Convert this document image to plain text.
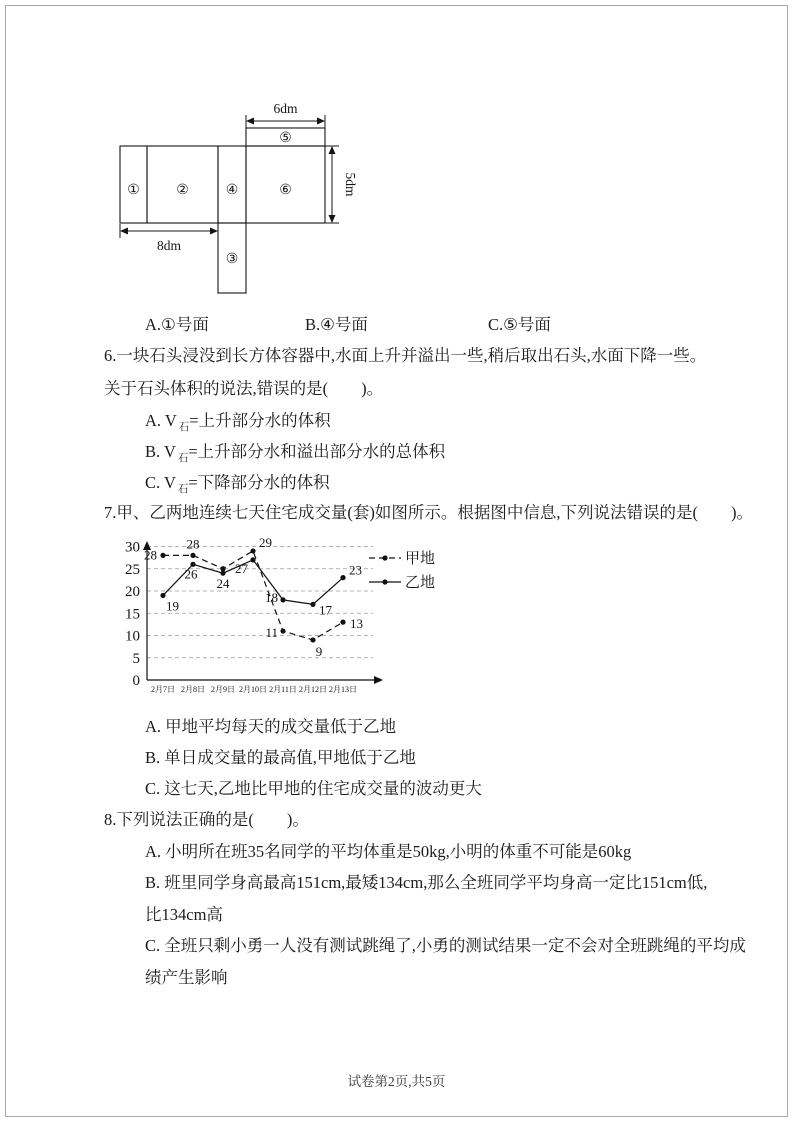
6dm
5dm
8dm
①	②	④	⑥
⑤
③
A.①号面	B.④号面	C.⑤号面
6.一块石头浸没到长方体容器中,水面上升并溢出一些,稍后取出石头,水面下降一些。
关于石头体积的说法,错误的是(　　)。
A. V $_石$=上升部分水的体积
B. V $_石$=上升部分水和溢出部分水的总体积
C. V $_石$=下降部分水的体积
7.甲、乙两地连续七天住宅成交量(套)如图所示。根据图中信息,下列说法错误的是(　　)。
0
5
10
15
20
25
30
2月7日 2月8日 2月9日 2月10日 2月11日 2月12日 2月13日
28
28	29
11
9
13
甲地
19
26
24
27
18
17
23
乙地
A. 甲地平均每天的成交量低于乙地
B. 单日成交量的最高值,甲地低于乙地
C. 这七天,乙地比甲地的住宅成交量的波动更大
8.下列说法正确的是(　　)。
A. 小明所在班35名同学的平均体重是50kg,小明的体重不可能是60kg
B. 班里同学身高最高151cm,最矮134cm,那么全班同学平均身高一定比151cm低,
比134cm高
C. 全班只剩小勇一人没有测试跳绳了,小勇的测试结果一定不会对全班跳绳的平均成
绩产生影响
试卷第2页,共5页
